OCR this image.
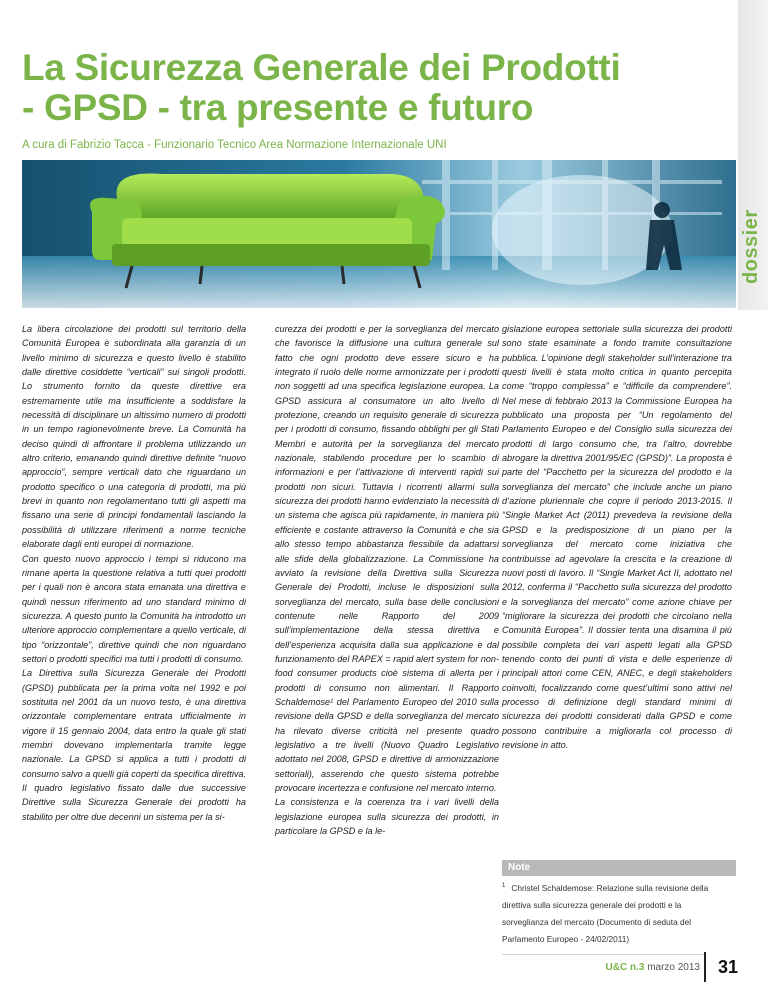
dossier
La Sicurezza Generale dei Prodotti
- GPSD - tra presente e futuro
A cura di Fabrizio Tacca - Funzionario Tecnico Area Normazione Internazionale UNI
La libera circolazione dei prodotti sul territorio della Comunità Europea è subordinata alla garanzia di un livello minimo di sicurezza e questo livello è stabilito dalle direttive cosiddette “verticali” sui singoli prodotti. Lo strumento fornito da queste direttive era estremamente utile ma insufficiente a soddisfare la necessità di disciplinare un altissimo numero di prodotti in un tempo ragionevolmente breve. La Comunità ha deciso quindi di affrontare il problema utilizzando un altro criterio, emanando quindi direttive definite “nuovo approccio”, sempre verticali dato che riguardano un prodotto specifico o una categoria di prodotti, ma più brevi in quanto non regolamentano tutti gli aspetti ma fissano una serie di principi fondamentali lasciando la possibilità di utilizzare riferimenti a norme tecniche elaborate dagli enti europei di normazione.
Con questo nuovo approccio i tempi si riducono ma rimane aperta la questione relativa a tutti quei prodotti per i quali non è ancora stata emanata una direttiva e quindi nessun riferimento ad uno standard minimo di sicurezza. A questo punto la Comunità ha introdotto un ulteriore approccio complementare a quello verticale, di tipo “orizzontale”, direttive quindi che non riguardano settori o prodotti specifici ma tutti i prodotti di consumo.
La Direttiva sulla Sicurezza Generale dei Prodotti (GPSD) pubblicata per la prima volta nel 1992 e poi sostituita nel 2001 da un nuovo testo, è una direttiva orizzontale complementare entrata ufficialmente in vigore il 15 gennaio 2004, data entro la quale gli stati membri dovevano implementarla tramite legge nazionale. La GPSD si applica a tutti i prodotti di consumo salvo a quelli già coperti da specifica direttiva. Il quadro legislativo fissato dalle due successive Direttive sulla Sicurezza Generale dei prodotti ha stabilito per oltre due decenni un sistema per la si-
curezza dei prodotti e per la sorveglianza del mercato che favorisce la diffusione una cultura generale sul fatto che ogni prodotto deve essere sicuro e ha integrato il ruolo delle norme armonizzate per i prodotti non soggetti ad una specifica legislazione europea. La GPSD assicura al consumatore un alto livello di protezione, creando un requisito generale di sicurezza per i prodotti di consumo, fissando obblighi per gli Stati Membri e autorità per la sorveglianza del mercato nazionale, stabilendo procedure per lo scambio di informazioni e per l’attivazione di interventi rapidi sui prodotti non sicuri. Tuttavia i ricorrenti allarmi sulla sicurezza dei prodotti hanno evidenziato la necessità di un sistema che agisca più rapidamente, in maniera più efficiente e costante attraverso la Comunità e che sia allo stesso tempo abbastanza flessibile da adattarsi alle sfide della globalizzazione. La Commissione ha avviato la revisione della Direttiva sulla Sicurezza Generale dei Prodotti, incluse le disposizioni sulla sorveglianza del mercato, sulla base delle conclusioni contenute nelle Rapporto del 2009 sull’implementazione della stessa direttiva e dell’esperienza acquisita dalla sua applicazione e dal funzionamento del RAPEX = rapid alert system for non-food consumer products cioè sistema di allerta per i prodotti di consumo non alimentari. Il Rapporto Schaldemose¹ del Parlamento Europeo del 2010 sulla revisione della GPSD e della sorveglianza del mercato ha rilevato diverse criticità nel presente quadro legislativo a tre livelli (Nuovo Quadro Legislativo adottato nel 2008, GPSD e direttive di armonizzazione settoriali), asserendo che questo sistema potrebbe provocare incertezza e confusione nel mercato interno.
La consistenza e la coerenza tra i vari livelli della legislazione europea sulla sicurezza dei prodotti, in particolare la GPSD e la le-
gislazione europea settoriale sulla sicurezza dei prodotti sono state esaminate a fondo tramite consultazione pubblica. L’opinione degli stakeholder sull’interazione tra questi livelli è stata molto critica in quanto percepita come “troppo complessa” e “difficile da comprendere”. Nel mese di febbraio 2013 la Commissione Europea ha pubblicato una proposta per “Un regolamento del Parlamento Europeo e del Consiglio sulla sicurezza dei prodotti di largo consumo che, tra l’altro, dovrebbe abrogare la direttiva 2001/95/EC (GPSD)”. La proposta è parte del “Pacchetto per la sicurezza del prodotto e la sorveglianza del mercato” che include anche un piano d’azione pluriennale che copre il periodo 2013-2015. Il “Single Market Act (2011) prevedeva la revisione della GPSD e la predisposizione di un piano per la sorveglianza del mercato come iniziativa che contribuisse ad agevolare la crescita e la creazione di nuovi posti di lavoro. Il “Single Market Act II, adottato nel 2012, conferma il “Pacchetto sulla sicurezza del prodotto e la sorveglianza del mercato” come azione chiave per “migliorare la sicurezza dei prodotti che circolano nella Comunità Europea”. Il dossier tenta una disamina il più possibile completa dei vari aspetti legati alla GPSD tenendo conto dei punti di vista e delle esperienze di principali attori come CEN, ANEC, e degli stakeholders coinvolti, focalizzando come quest’ultimi sono attivi nel processo di definizione degli standard minimi di sicurezza dei prodotti considerati dalla GPSD e come possono contribuire a migliorarla col processo di revisione in atto.
Note
$^1$ Christel Schaldemose: Relazione sulla revisione della direttiva sulla sicurezza generale dei prodotti e la sorveglianza del mercato (Documento di seduta del Parlamento Europeo - 24/02/2011)
U&C n.3 marzo 2013 31
